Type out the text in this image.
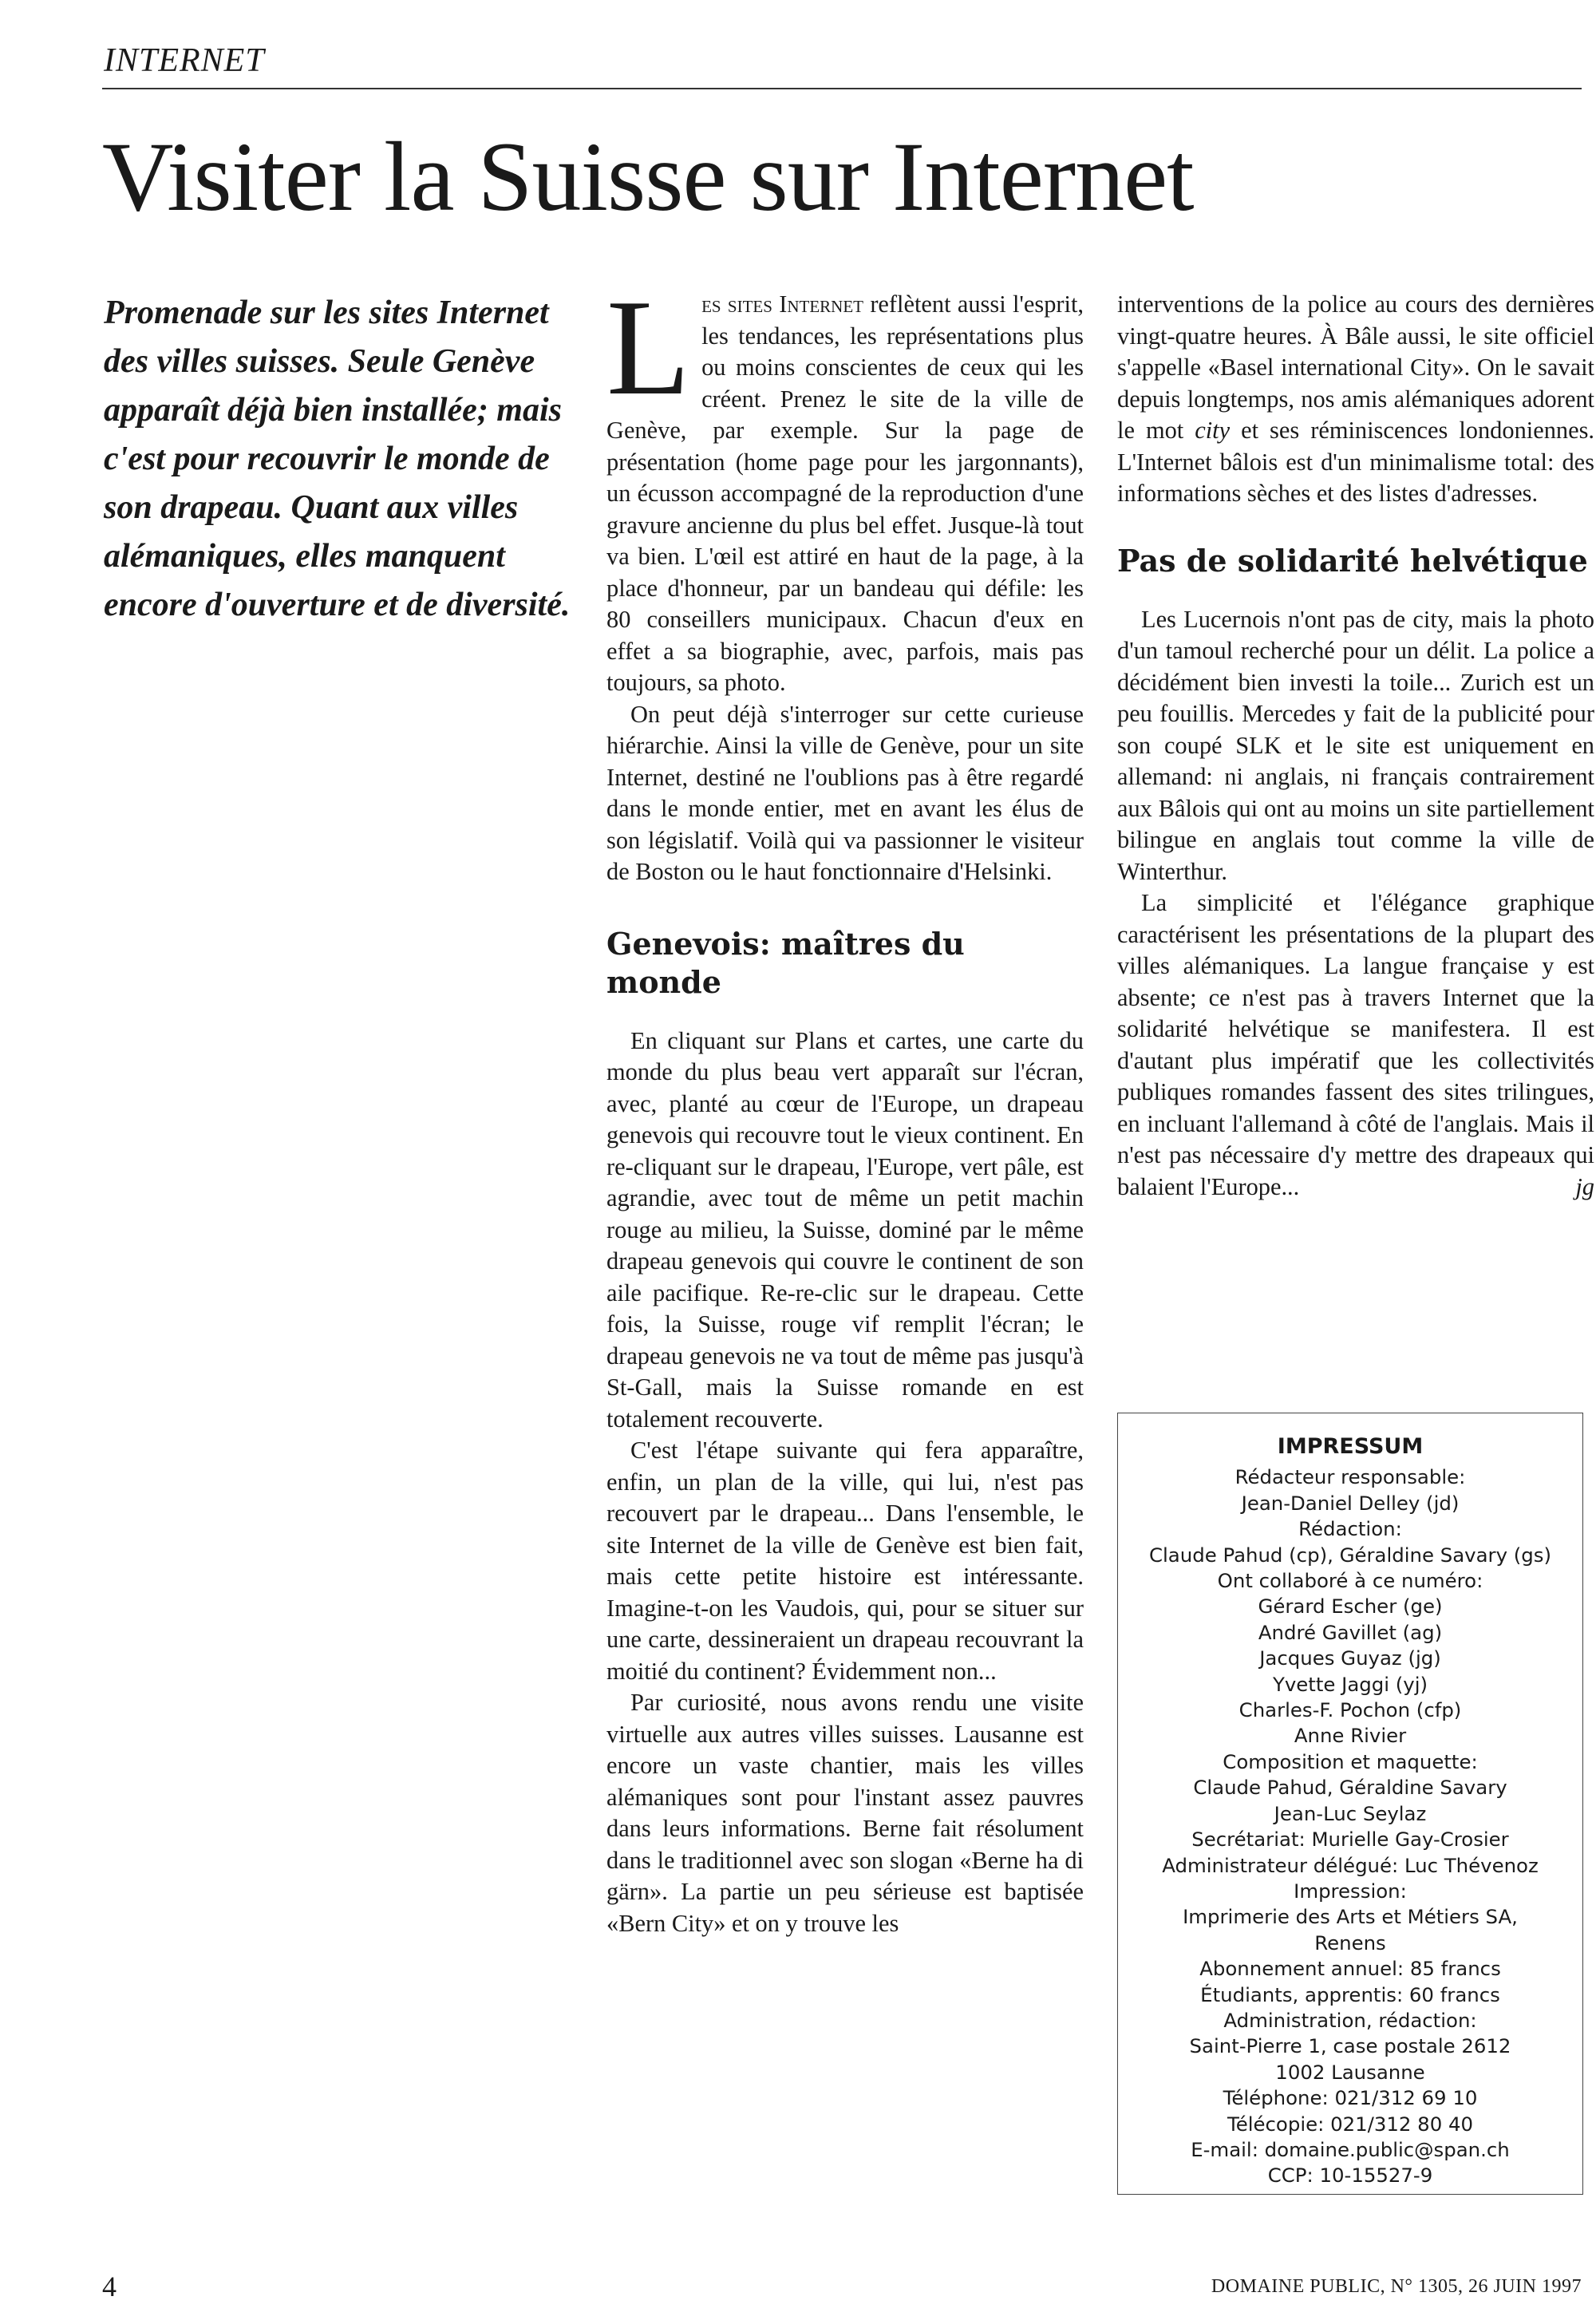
INTERNET
Visiter la Suisse sur Internet
Promenade sur les sites Internet des villes suisses. Seule Genève apparaît déjà bien installée; mais c'est pour recouvrir le monde de son drapeau. Quant aux villes alémaniques, elles manquent encore d'ouverture et de diversité.

Les sites Internet reflètent aussi l'esprit, les tendances, les représentations plus ou moins conscientes de ceux qui les créent. Prenez le site de la ville de Genève, par exemple. Sur la page de présentation (home page pour les jargonnants), un écusson accompagné de la reproduction d'une gravure ancienne du plus bel effet. Jusque-là tout va bien. L'œil est attiré en haut de la page, à la place d'honneur, par un bandeau qui défile: les 80 conseillers municipaux. Chacun d'eux en effet a sa biographie, avec, parfois, mais pas toujours, sa photo.

On peut déjà s'interroger sur cette curieuse hiérarchie. Ainsi la ville de Genève, pour un site Internet, destiné ne l'oublions pas à être regardé dans le monde entier, met en avant les élus de son législatif. Voilà qui va passionner le visiteur de Boston ou le haut fonctionnaire d'Helsinki.

Genevois: maîtres du monde

En cliquant sur Plans et cartes, une carte du monde du plus beau vert apparaît sur l'écran, avec, planté au cœur de l'Europe, un drapeau genevois qui recouvre tout le vieux continent. En re-cliquant sur le drapeau, l'Europe, vert pâle, est agrandie, avec tout de même un petit machin rouge au milieu, la Suisse, dominé par le même drapeau genevois qui couvre le continent de son aile pacifique. Re-re-clic sur le drapeau. Cette fois, la Suisse, rouge vif remplit l'écran; le drapeau genevois ne va tout de même pas jusqu'à St-Gall, mais la Suisse romande en est totalement recouverte.

C'est l'étape suivante qui fera apparaître, enfin, un plan de la ville, qui lui, n'est pas recouvert par le drapeau... Dans l'ensemble, le site Internet de la ville de Genève est bien fait, mais cette petite histoire est intéressante. Imagine-t-on les Vaudois, qui, pour se situer sur une carte, dessineraient un drapeau recouvrant la moitié du continent? Évidemment non...

Par curiosité, nous avons rendu une visite virtuelle aux autres villes suisses. Lausanne est encore un vaste chantier, mais les villes alémaniques sont pour l'instant assez pauvres dans leurs informations. Berne fait résolument dans le traditionnel avec son slogan «Berne ha di gärn». La partie un peu sérieuse est baptisée «Bern City» et on y trouve les

interventions de la police au cours des dernières vingt-quatre heures. À Bâle aussi, le site officiel s'appelle «Basel international City». On le savait depuis longtemps, nos amis alémaniques adorent le mot city et ses réminiscences londoniennes. L'Internet bâlois est d'un minimalisme total: des informations sèches et des listes d'adresses.

Pas de solidarité helvétique

Les Lucernois n'ont pas de city, mais la photo d'un tamoul recherché pour un délit. La police a décidément bien investi la toile... Zurich est un peu fouillis. Mercedes y fait de la publicité pour son coupé SLK et le site est uniquement en allemand: ni anglais, ni français contrairement aux Bâlois qui ont au moins un site partiellement bilingue en anglais tout comme la ville de Winterthur.

La simplicité et l'élégance graphique caractérisent les présentations de la plupart des villes alémaniques. La langue française y est absente; ce n'est pas à travers Internet que la solidarité helvétique se manifestera. Il est d'autant plus impératif que les collectivités publiques romandes fassent des sites trilingues, en incluant l'allemand à côté de l'anglais. Mais il n'est pas nécessaire d'y mettre des drapeaux qui balaient l'Europe...	jg

IMPRESSUM
Rédacteur responsable:
Jean-Daniel Delley (jd)
Rédaction:
Claude Pahud (cp), Géraldine Savary (gs)
Ont collaboré à ce numéro:
Gérard Escher (ge)
André Gavillet (ag)
Jacques Guyaz (jg)
Yvette Jaggi (yj)
Charles-F. Pochon (cfp)
Anne Rivier
Composition et maquette:
Claude Pahud, Géraldine Savary
Jean-Luc Seylaz
Secrétariat: Murielle Gay-Crosier
Administrateur délégué: Luc Thévenoz
Impression:
Imprimerie des Arts et Métiers SA,
Renens
Abonnement annuel: 85 francs
Étudiants, apprentis: 60 francs
Administration, rédaction:
Saint-Pierre 1, case postale 2612
1002 Lausanne
Téléphone: 021/312 69 10
Télécopie: 021/312 80 40
E-mail: domaine.public@span.ch
CCP: 10-15527-9
4	DOMAINE PUBLIC, N° 1305, 26 JUIN 1997
